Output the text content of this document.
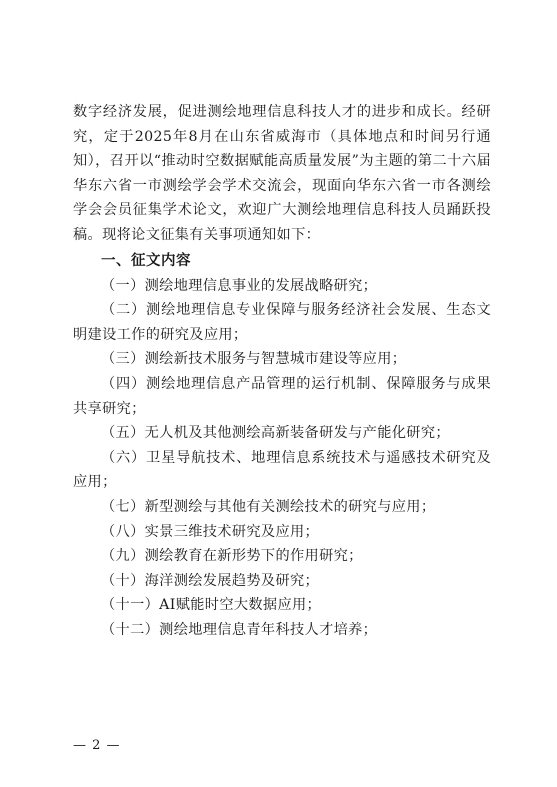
数字经济发展，促进测绘地理信息科技人才的进步和成长。经研究，定于2025年8月在山东省威海市（具体地点和时间另行通知），召开以“推动时空数据赋能高质量发展”为主题的第二十六届华东六省一市测绘学会学术交流会，现面向华东六省一市各测绘学会会员征集学术论文，欢迎广大测绘地理信息科技人员踊跃投稿。现将论文征集有关事项通知如下：

一、征文内容

（一）测绘地理信息事业的发展战略研究；

（二）测绘地理信息专业保障与服务经济社会发展、生态文明建设工作的研究及应用；

（三）测绘新技术服务与智慧城市建设等应用；

（四）测绘地理信息产品管理的运行机制、保障服务与成果共享研究；

（五）无人机及其他测绘高新装备研发与产能化研究；

（六）卫星导航技术、地理信息系统技术与遥感技术研究及应用；

（七）新型测绘与其他有关测绘技术的研究与应用；

（八）实景三维技术研究及应用；

（九）测绘教育在新形势下的作用研究；

（十）海洋测绘发展趋势及研究；

（十一）AI赋能时空大数据应用；

（十二）测绘地理信息青年科技人才培养；

— 2 —
